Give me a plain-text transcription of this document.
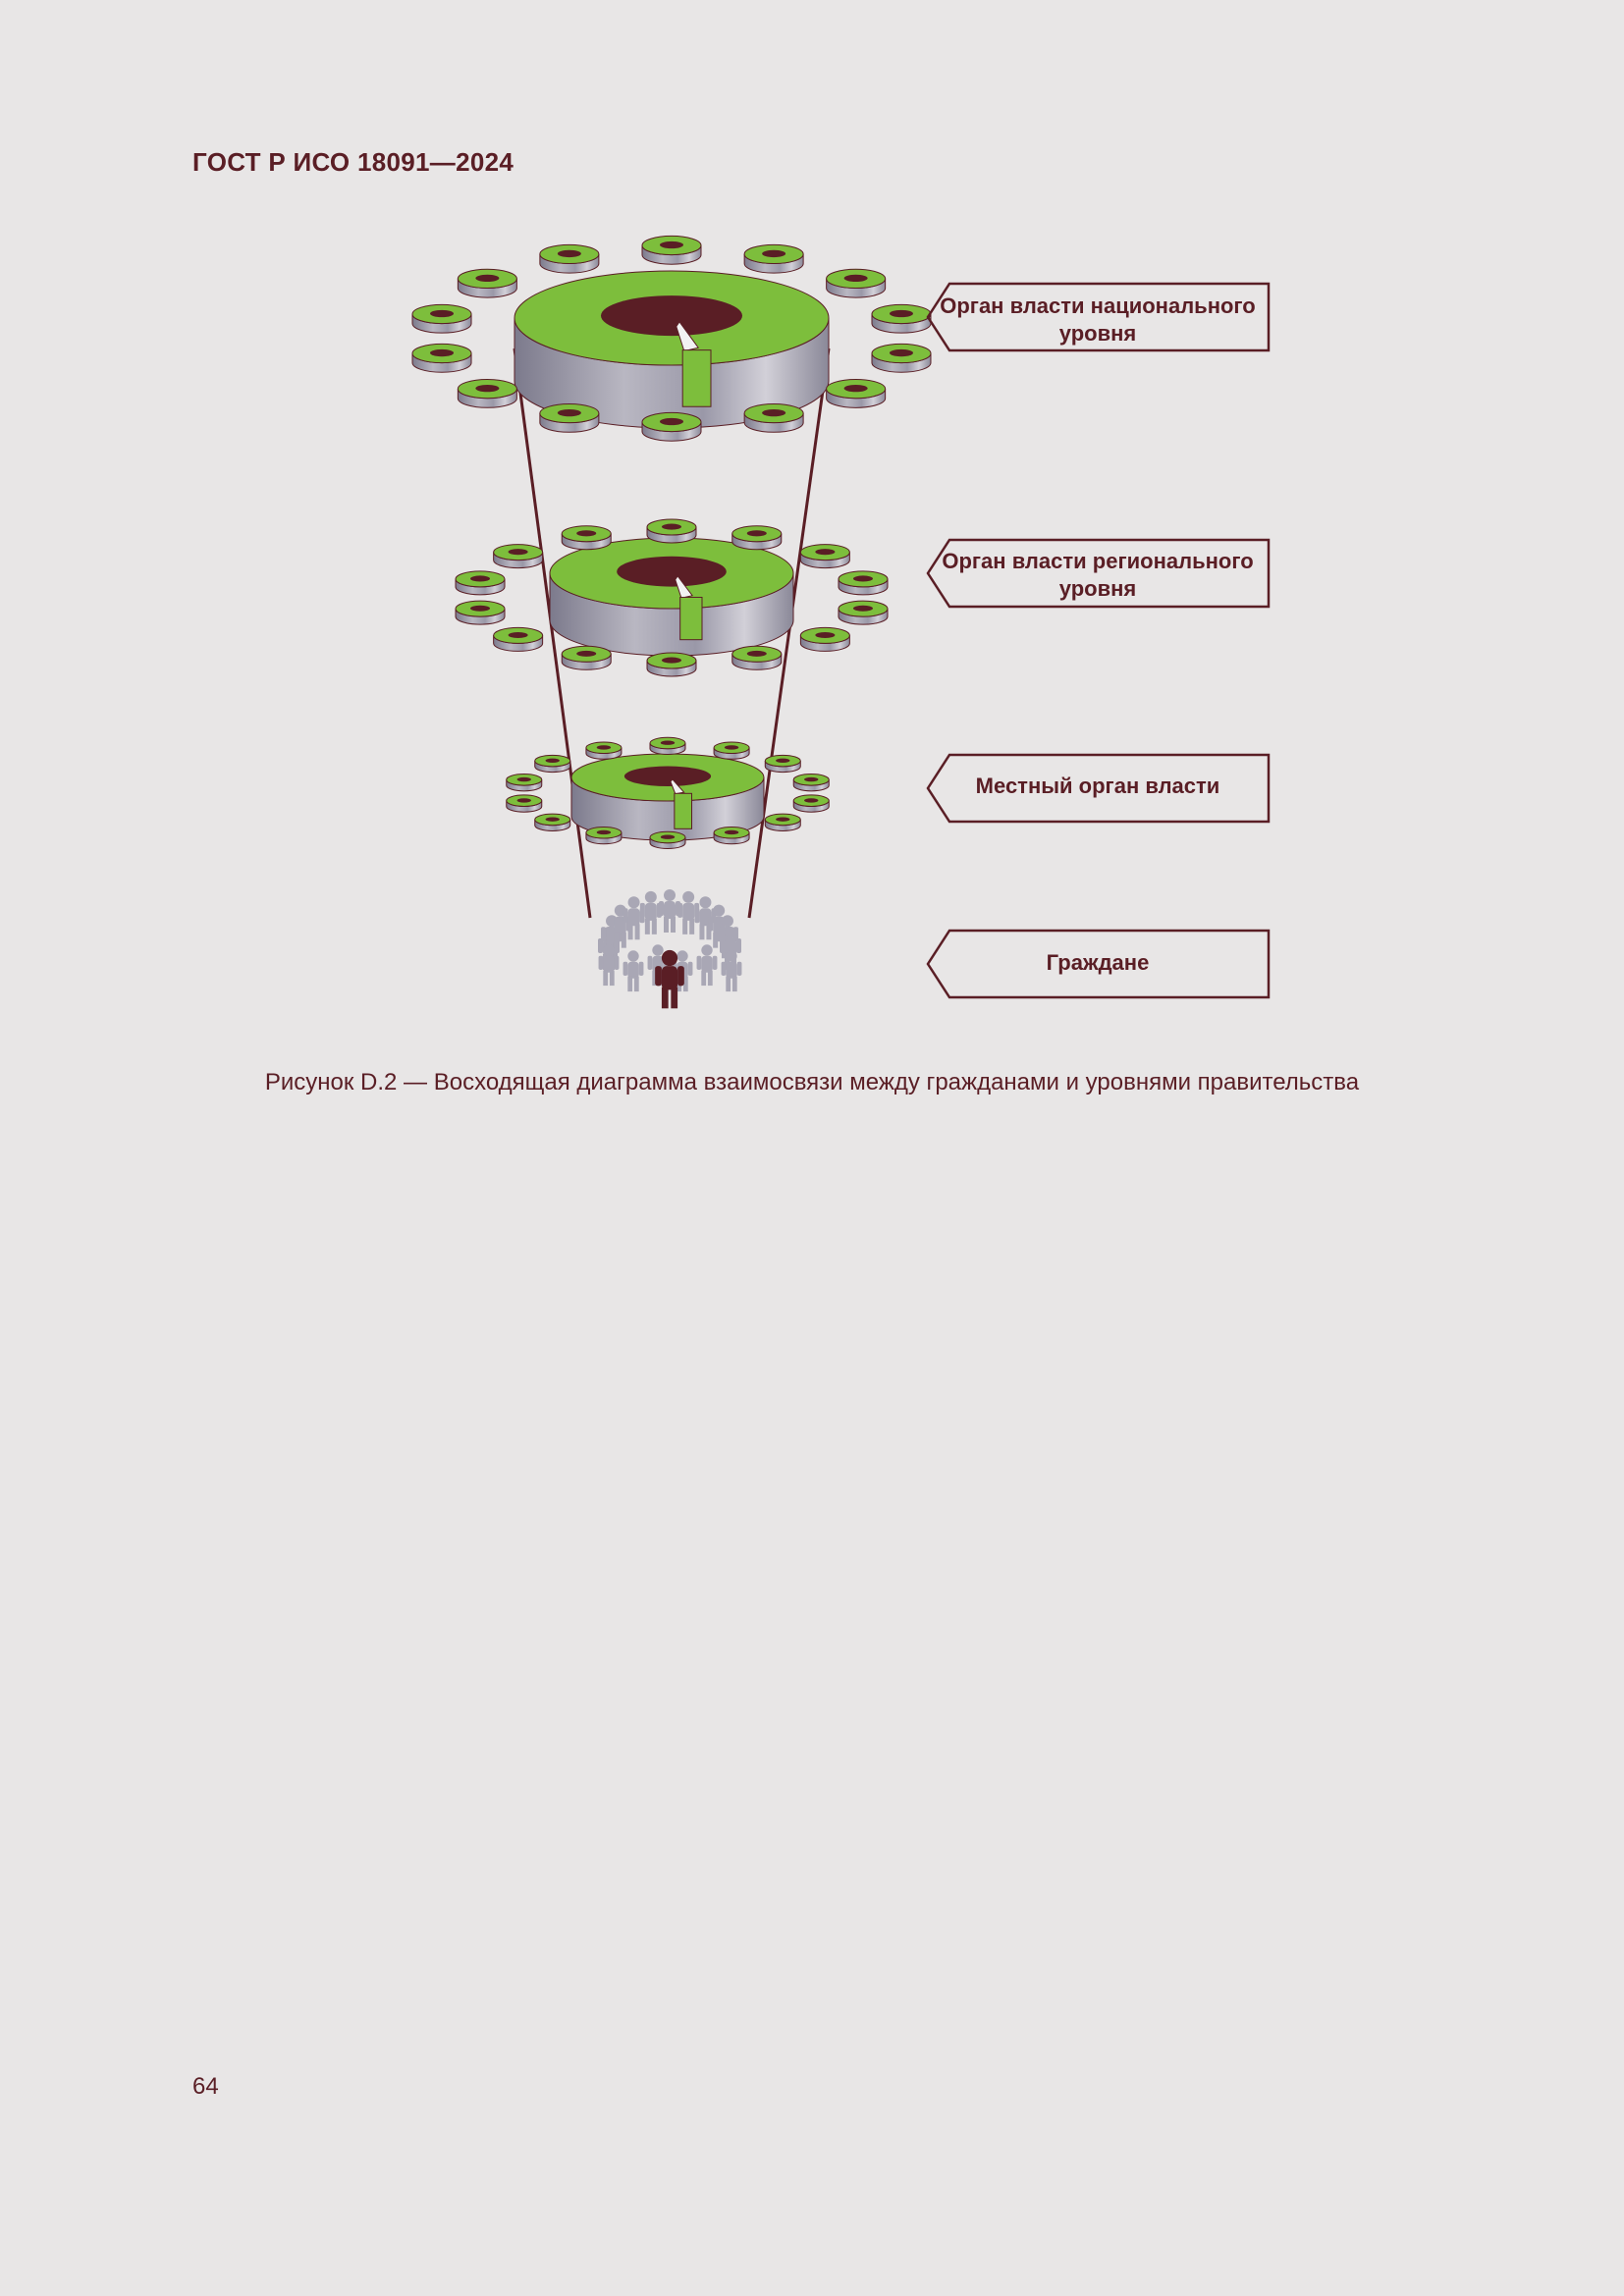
ГОСТ Р ИСО 18091—2024
Орган власти национального
уровня
Орган власти регионального
уровня
Местный орган власти
Граждане
Рисунок D.2 — Восходящая диаграмма взаимосвязи между гражданами и уровнями правительства
64
